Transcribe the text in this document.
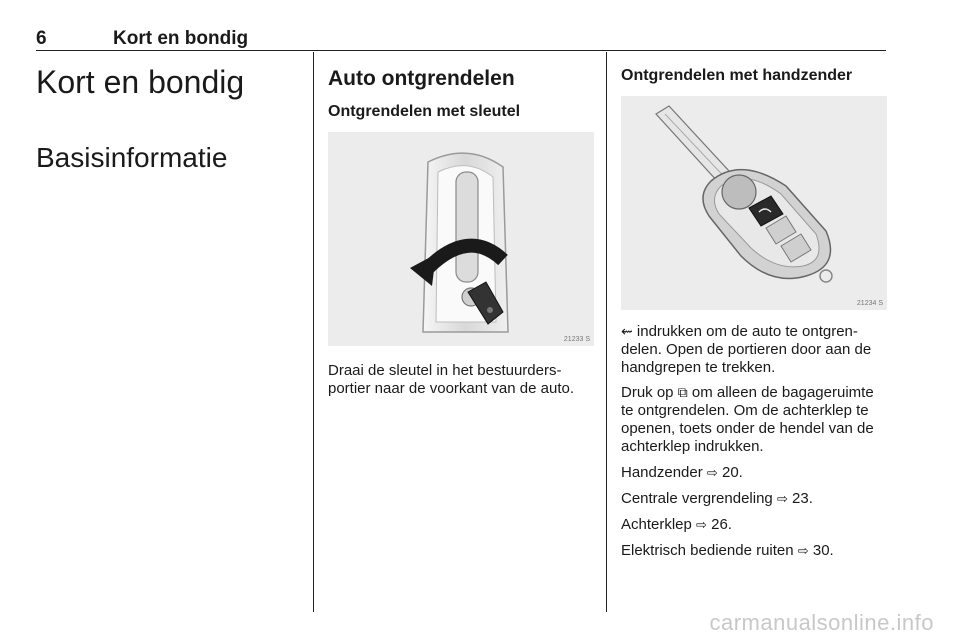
6	Kort en bondig
Kort en bondig
Basisinformatie
Auto ontgrendelen
Ontgrendelen met sleutel
21233 S

Draai de sleutel in het bestuurdersportier naar de voorkant van de auto.

Ontgrendelen met handzender
21234 S

⇜ indrukken om de auto te ontgrendelen. Open de portieren door aan de handgrepen te trekken.

Druk op ⧉ om alleen de bagageruimte te ontgrendelen. Om de achterklep te openen, toets onder de hendel van de achterklep indrukken.

Handzender ⇨ 20.

Centrale vergrendeling ⇨ 23.

Achterklep ⇨ 26.

Elektrisch bediende ruiten ⇨ 30.

carmanualsonline.info
